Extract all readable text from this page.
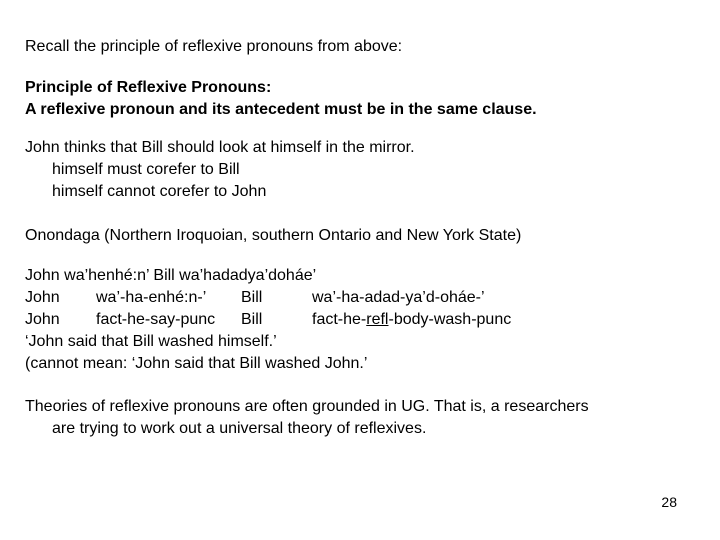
Recall the principle of reflexive pronouns from above:
Principle of Reflexive Pronouns:
A reflexive pronoun and its antecedent must be in the same clause.
John thinks that Bill should look at himself in the mirror.
himself must corefer to Bill
himself cannot corefer to John
Onondaga (Northern Iroquoian, southern Ontario and New York State)
John wa’henhé:n’ Bill wa’hadadya’doháe’
John wa’-ha-enhé:n-’ Bill	wa’-ha-adad-ya’d-oháe-’
John fact-he-say-punc Bill	fact-he-refl-body-wash-punc
‘John said that Bill washed himself.’
(cannot mean: ‘John said that Bill washed John.’
Theories of reflexive pronouns are often grounded in UG. That is, a researchers
are trying to work out a universal theory of reflexives.
28
